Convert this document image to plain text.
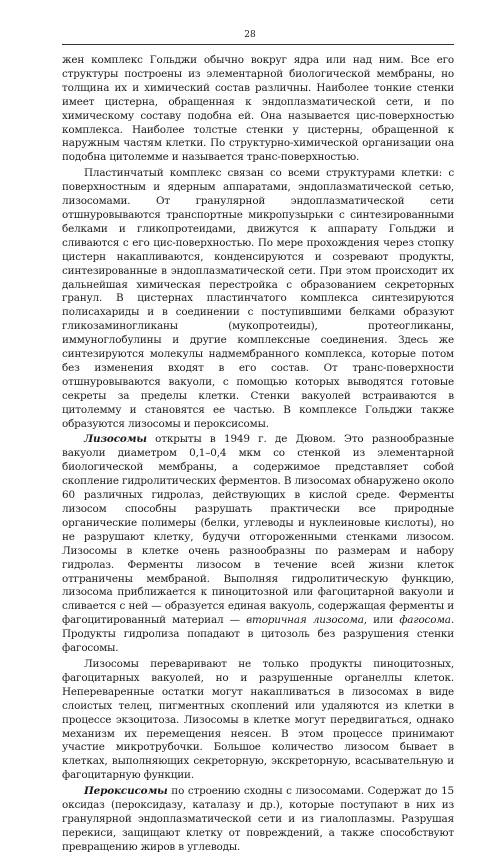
28

жен комплекс Гольджи обычно вокруг ядра или над ним. Все его структуры построены из элементарной биологической мембраны, но толщина их и химический состав различны. Наиболее тонкие стенки имеет цистерна, обращенная к эндоплазматической сети, и по химическому составу подобна ей. Она называется цис-поверхностью комплекса. Наиболее толстые стенки у цистерны, обращенной к наружным частям клетки. По структурно-химической организации она подобна цитолемме и называется транс-поверхностью.

Пластинчатый комплекс связан со всеми структурами клетки: с поверхностным и ядерным аппаратами, эндоплазматической сетью, лизосомами. От гранулярной эндоплазматической сети отшнуровываются транспортные микропузырьки с синтезированными белками и гликопротеидами, движутся к аппарату Гольджи и сливаются с его цис-поверхностью. По мере прохождения через стопку цистерн накапливаются, конденсируются и созревают продукты, синтезированные в эндоплазматической сети. При этом происходит их дальнейшая химическая перестройка с образованием секреторных гранул. В цистернах пластинчатого комплекса синтезируются полисахариды и в соединении с поступившими белками образуют гликозаминогликаны (мукопротеиды), протеогликаны, иммуноглобулины и другие комплексные соединения. Здесь же синтезируются молекулы надмембранного комплекса, которые потом без изменения входят в его состав. От транс-поверхности отшнуровываются вакуоли, с помощью которых выводятся готовые секреты за пределы клетки. Стенки вакуолей встраиваются в цитолемму и становятся ее частью. В комплексе Гольджи также образуются лизосомы и пероксисомы.

Лизосомы открыты в 1949 г. де Дювом. Это разнообразные вакуоли диаметром 0,1–0,4 мкм со стенкой из элементарной биологической мембраны, а содержимое представляет собой скопление гидролитических ферментов. В лизосомах обнаружено около 60 различных гидролаз, действующих в кислой среде. Ферменты лизосом способны разрушать практически все природные органические полимеры (белки, углеводы и нуклеиновые кислоты), но не разрушают клетку, будучи отгороженными стенками лизосом. Лизосомы в клетке очень разнообразны по размерам и набору гидролаз. Ферменты лизосом в течение всей жизни клеток отграничены мембраной. Выполняя гидролитическую функцию, лизосома приближается к пиноцитозной или фагоцитарной вакуоли и сливается с ней — образуется единая вакуоль, содержащая ферменты и фагоцитированный материал — вторичная лизосома, или фагосома. Продукты гидролиза попадают в цитозоль без разрушения стенки фагосомы.

Лизосомы переваривают не только продукты пиноцитозных, фагоцитарных вакуолей, но и разрушенные органеллы клеток. Непереваренные остатки могут накапливаться в лизосомах в виде слоистых телец, пигментных скоплений или удаляются из клетки в процессе экзоцитоза. Лизосомы в клетке могут передвигаться, однако механизм их перемещения неясен. В этом процессе принимают участие микротрубочки. Большое количество лизосом бывает в клетках, выполняющих секреторную, экскреторную, всасывательную и фагоцитарную функции.

Пероксисомы по строению сходны с лизосомами. Содержат до 15 оксидаз (пероксидазу, каталазу и др.), которые поступают в них из гранулярной эндоплазматической сети и из гиалоплазмы. Разрушая перекиси, защищают клетку от повреждений, а также способствуют превращению жиров в углеводы.
